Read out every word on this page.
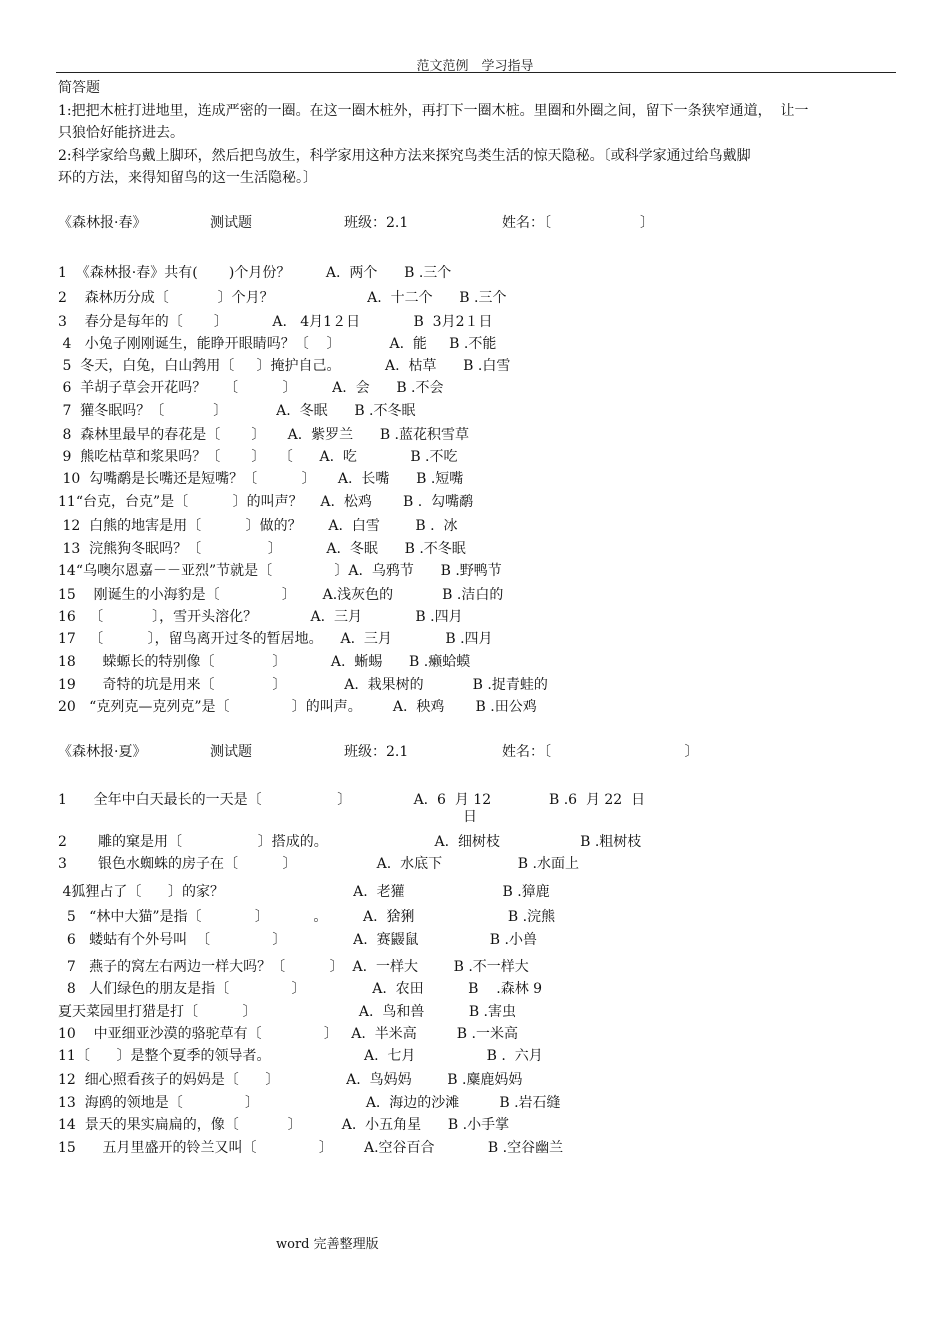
范文范例　学习指导
简答题
1:把把木桩打进地里，连成严密的一圈。在这一圈木桩外，再打下一圈木桩。里圈和外圈之间，留下一条狭窄通道，  让一
只狼恰好能挤进去。
2:科学家给鸟戴上脚环，然后把鸟放生，科学家用这种方法来探究鸟类生活的惊天隐秘。〔或科学家通过给鸟戴脚
环的方法，来得知留鸟的这一生活隐秘。〕
《森林报·春》	测试题	班级：2.1	姓名：〔                    〕
1  《森林报·春》共有(       )个月份？        A.  两个      B .三个
2    森林历分成〔           〕个月？                     A.  十二个      B .三个
3    春分是每年的〔       〕          A.   4月1２日            B  3月2１日
4   小兔子刚刚诞生，能睁开眼睛吗？〔    〕           A.  能     B .不能
5  冬天，白兔，白山鹁用〔     〕掩护自己。          A.  枯草      B .白雪
6  羊胡子草会开花吗？    〔          〕        A.  会      B .不会
7  獾冬眠吗？〔           〕           A.  冬眠      B .不冬眠
8  森林里最早的春花是〔       〕     A.  紫罗兰      B .蓝花积雪草
9  熊吃枯草和浆果吗？〔       〕   〔      A.  吃            B .不吃
10  勾嘴鹬是长嘴还是短嘴？〔          〕     A.  长嘴      B .短嘴
11“台克，台克”是〔          〕的叫声？    A.  松鸡       B .  勾嘴鹬
12  白熊的地害是用〔          〕做的？      A.  白雪        B .  冰
13  浣熊狗冬眠吗？〔               〕          A.  冬眠      B .不冬眠
14“乌噢尔恩嘉－－亚烈”节就是〔              〕A.  乌鸦节      B .野鸭节
15    刚诞生的小海豹是〔              〕      A.浅灰色的           B .洁白的
16   〔           〕，雪开头溶化？            A.  三月            B .四月
17   〔          〕，留鸟离开过冬的暂居地。    A.  三月            B .四月
18      蝾螈长的特别像〔             〕          A.  蜥蜴      B .癞蛤蟆
19      奇特的坑是用来〔             〕             A.  栽果树的           B .捉青蛙的
20   “克列克—克列克”是〔              〕的叫声。       A.  秧鸡       B .田公鸡
《森林报·夏》	测试题	班级：2.1	姓名：〔                              〕
1      全年中白天最长的一天是〔                 〕              A.  6  月 12             B .6  月 22  日
日
2       雕的窠是用〔                 〕搭成的。                        A.  细树枝                  B .粗树枝
3       银色水蜘蛛的房子在〔          〕                  A.  水底下                 B .水面上
4狐狸占了〔      〕的家？                             A.  老獾                      B .獐鹿
5   “林中大猫”是指〔            〕          。        A.  猞猁                     B .浣熊
6   蝼蛄有个外号叫  〔              〕               A.  赛鼹鼠                B .小兽
7   燕子的窝左右两边一样大吗？〔          〕  A.  一样大        B .不一样大
8   人们绿色的朋友是指〔              〕               A.  农田          B    .森林 9
夏天菜园里打猎是打〔          〕                       A.  鸟和兽          B .害虫
10    中亚细亚沙漠的骆驼草有〔              〕   A.  半米高         B .一米高
11〔      〕是整个夏季的领导者。                     A.  七月                B .  六月
12  细心照看孩子的妈妈是〔      〕               A.  鸟妈妈        B .麋鹿妈妈
13  海鸥的领地是〔              〕                        A.  海边的沙滩         B .岩石缝
14  景天的果实扁扁的，像〔           〕         A.  小五角星      B .小手掌
15      五月里盛开的铃兰又叫〔              〕       A.空谷百合            B .空谷幽兰
word 完善整理版
